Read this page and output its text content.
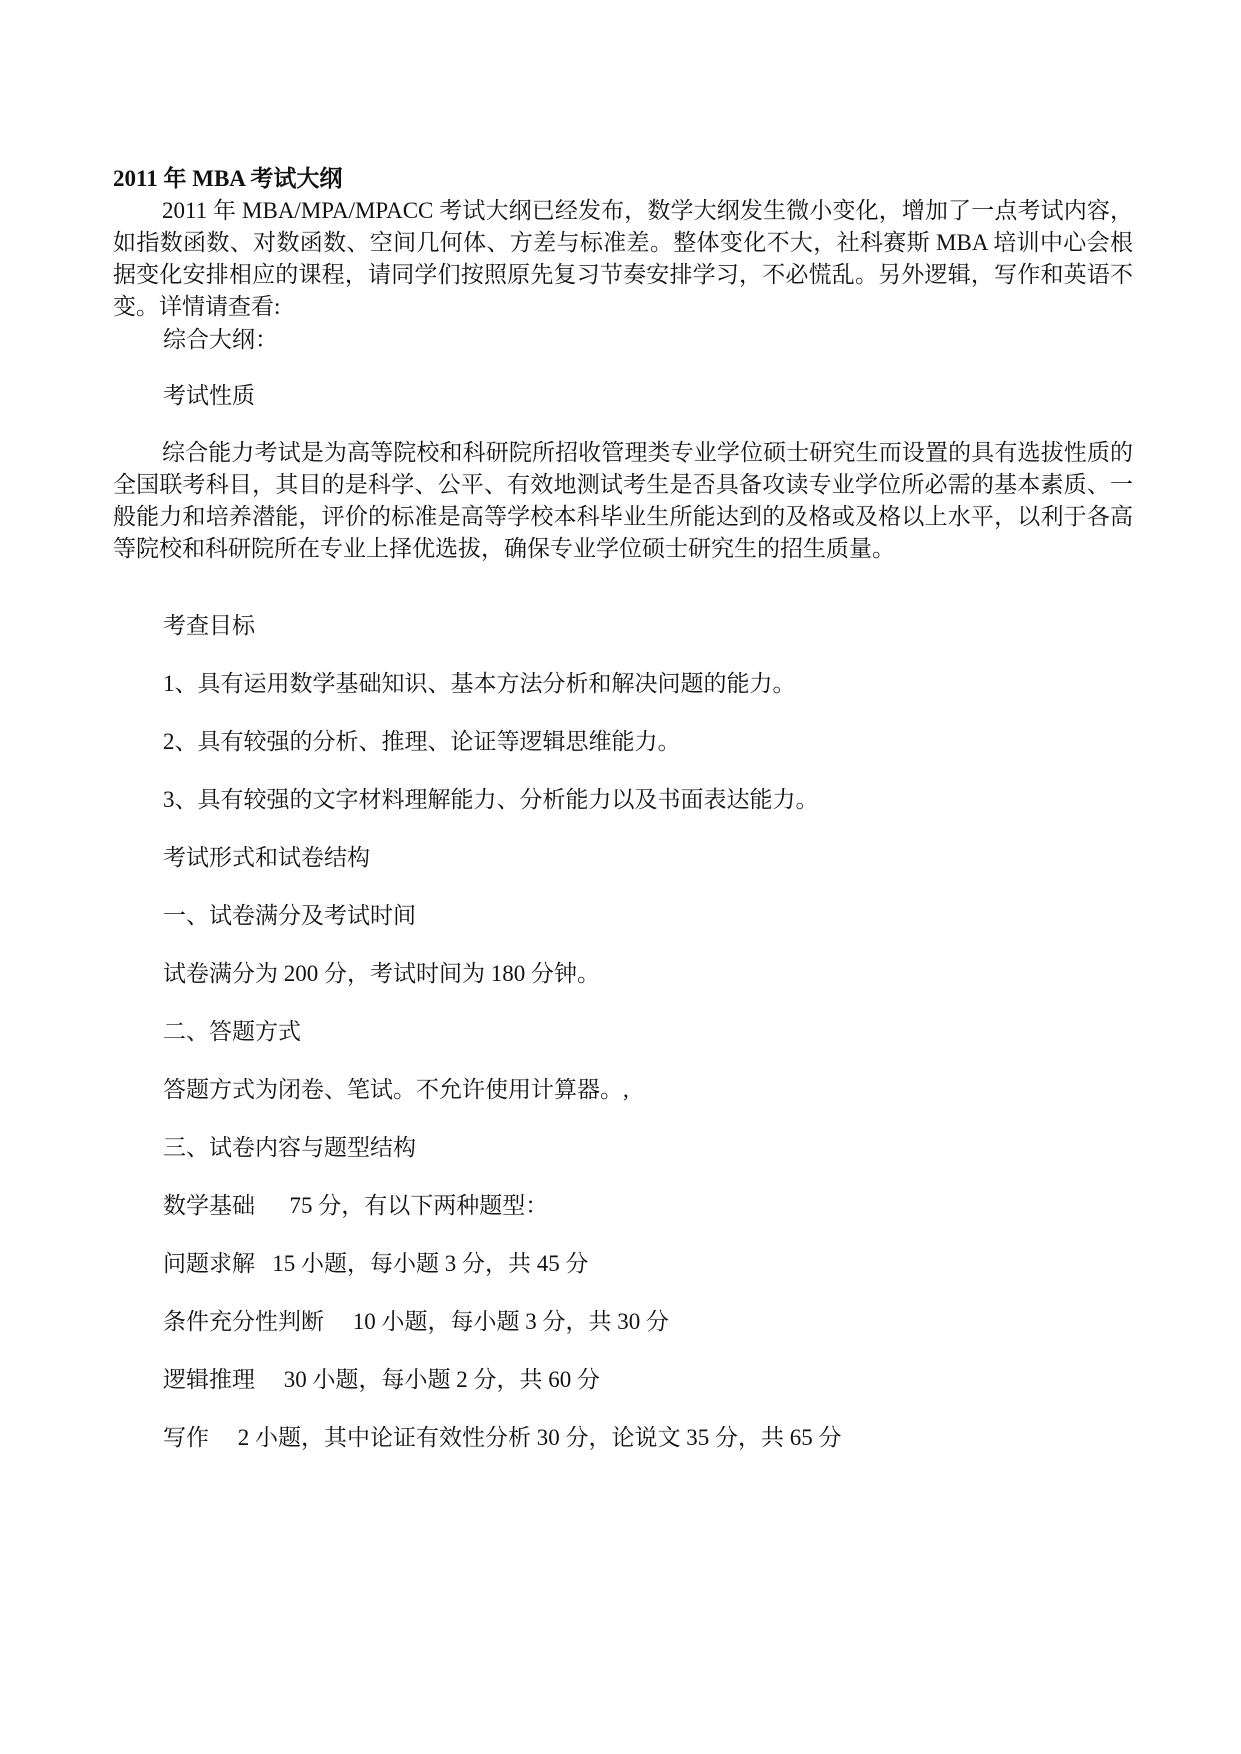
2011 年 MBA 考试大纲

2011 年 MBA/MPA/MPACC 考试大纲已经发布，数学大纲发生微小变化，增加了一点考试内容，如指数函数、对数函数、空间几何体、方差与标准差。整体变化不大，社科赛斯 MBA 培训中心会根据变化安排相应的课程，请同学们按照原先复习节奏安排学习，不必慌乱。另外逻辑，写作和英语不变。详情请查看:

综合大纲：

考试性质

综合能力考试是为高等院校和科研院所招收管理类专业学位硕士研究生而设置的具有选拔性质的全国联考科目，其目的是科学、公平、有效地测试考生是否具备攻读专业学位所必需的基本素质、一般能力和培养潜能，评价的标准是高等学校本科毕业生所能达到的及格或及格以上水平，以利于各高等院校和科研院所在专业上择优选拔，确保专业学位硕士研究生的招生质量。

考查目标

1、具有运用数学基础知识、基本方法分析和解决问题的能力。

2、具有较强的分析、推理、论证等逻辑思维能力。

3、具有较强的文字材料理解能力、分析能力以及书面表达能力。

考试形式和试卷结构

一、试卷满分及考试时间

试卷满分为 200 分，考试时间为 180 分钟。

二、答题方式

答题方式为闭卷、笔试。不允许使用计算器。,

三、试卷内容与题型结构

数学基础      75 分，有以下两种题型：

问题求解   15 小题，每小题 3 分，共 45 分

条件充分性判断     10 小题，每小题 3 分，共 30 分

逻辑推理     30 小题，每小题 2 分，共 60 分

写作     2 小题，其中论证有效性分析 30 分，论说文 35 分，共 65 分
